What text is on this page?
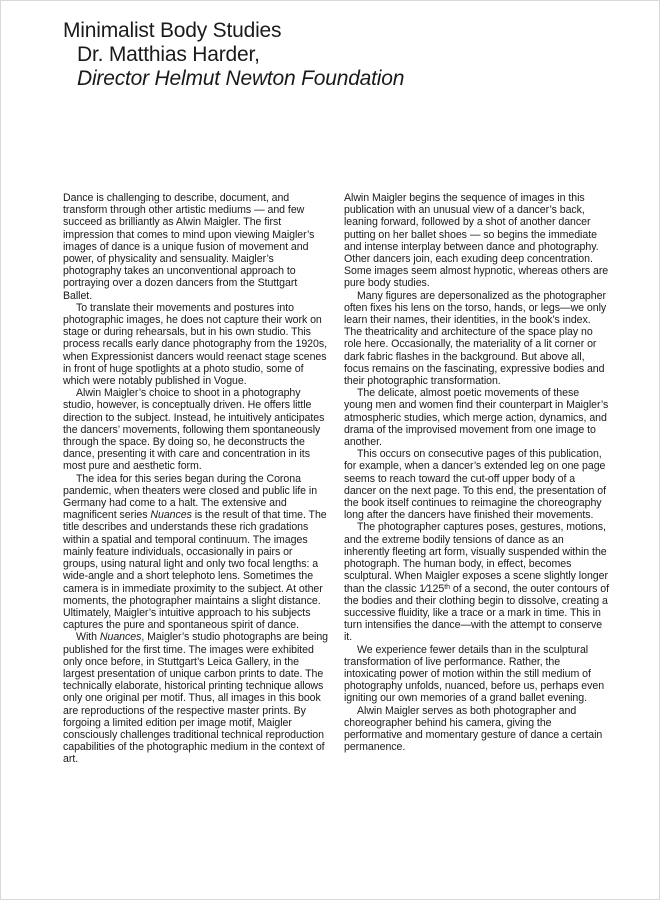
Minimalist Body Studies
Dr. Matthias Harder,
Director Helmut Newton Foundation

Dance is challenging to describe, document, and transform through other artistic mediums — and few succeed as brilliantly as Alwin Maigler. The first impression that comes to mind upon viewing Maigler’s images of dance is a unique fusion of movement and power, of physicality and sensuality. Maigler’s photography takes an unconventional approach to portraying over a dozen dancers from the Stuttgart Ballet.

To translate their movements and postures into photographic images, he does not capture their work on stage or during rehearsals, but in his own studio. This process recalls early dance photography from the 1920s, when Expressionist dancers would reenact stage scenes in front of huge spotlights at a photo studio, some of which were notably published in Vogue.

Alwin Maigler’s choice to shoot in a photography studio, however, is conceptually driven. He offers little direction to the subject. Instead, he intuitively anticipates the dancers’ movements, following them spontaneously through the space. By doing so, he deconstructs the dance, presenting it with care and concentration in its most pure and aesthetic form.

The idea for this series began during the Corona pandemic, when theaters were closed and public life in Germany had come to a halt. The extensive and magnificent series Nuances is the result of that time. The title describes and understands these rich gradations within a spatial and temporal continuum. The images mainly feature individuals, occasionally in pairs or groups, using natural light and only two focal lengths: a wide-angle and a short telephoto lens. Sometimes the camera is in immediate proximity to the subject. At other moments, the photographer maintains a slight distance. Ultimately, Maigler’s intuitive approach to his subjects captures the pure and spontaneous spirit of dance.

With Nuances, Maigler’s studio photographs are being published for the first time. The images were exhibited only once before, in Stuttgart’s Leica Gallery, in the largest presentation of unique carbon prints to date. The technically elaborate, historical printing technique allows only one original per motif. Thus, all images in this book are reproductions of the respective master prints. By forgoing a limited edition per image motif, Maigler consciously challenges traditional technical reproduction capabilities of the photographic medium in the context of art.

Alwin Maigler begins the sequence of images in this publication with an unusual view of a dancer’s back, leaning forward, followed by a shot of another dancer putting on her ballet shoes — so begins the immediate and intense interplay between dance and photography. Other dancers join, each exuding deep concentration. Some images seem almost hypnotic, whereas others are pure body studies.

Many figures are depersonalized as the photographer often fixes his lens on the torso, hands, or legs—we only learn their names, their identities, in the book’s index. The theatricality and architecture of the space play no role here. Occasionally, the materiality of a lit corner or dark fabric flashes in the background. But above all, focus remains on the fascinating, expressive bodies and their photographic transformation.

The delicate, almost poetic movements of these young men and women find their counterpart in Maigler’s atmospheric studies, which merge action, dynamics, and drama of the improvised movement from one image to another.

This occurs on consecutive pages of this publication, for example, when a dancer’s extended leg on one page seems to reach toward the cut-off upper body of a dancer on the next page. To this end, the presentation of the book itself continues to reimagine the choreography long after the dancers have finished their movements.

The photographer captures poses, gestures, motions, and the extreme bodily tensions of dance as an inherently fleeting art form, visually suspended within the photograph. The human body, in effect, becomes sculptural. When Maigler exposes a scene slightly longer than the classic 1⁄125th of a second, the outer contours of the bodies and their clothing begin to dissolve, creating a successive fluidity, like a trace or a mark in time. This in turn intensifies the dance—with the attempt to conserve it.

We experience fewer details than in the sculptural transformation of live performance. Rather, the intoxicating power of motion within the still medium of photography unfolds, nuanced, before us, perhaps even igniting our own memories of a grand ballet evening.

Alwin Maigler serves as both photographer and choreographer behind his camera, giving the performative and momentary gesture of dance a certain permanence.
